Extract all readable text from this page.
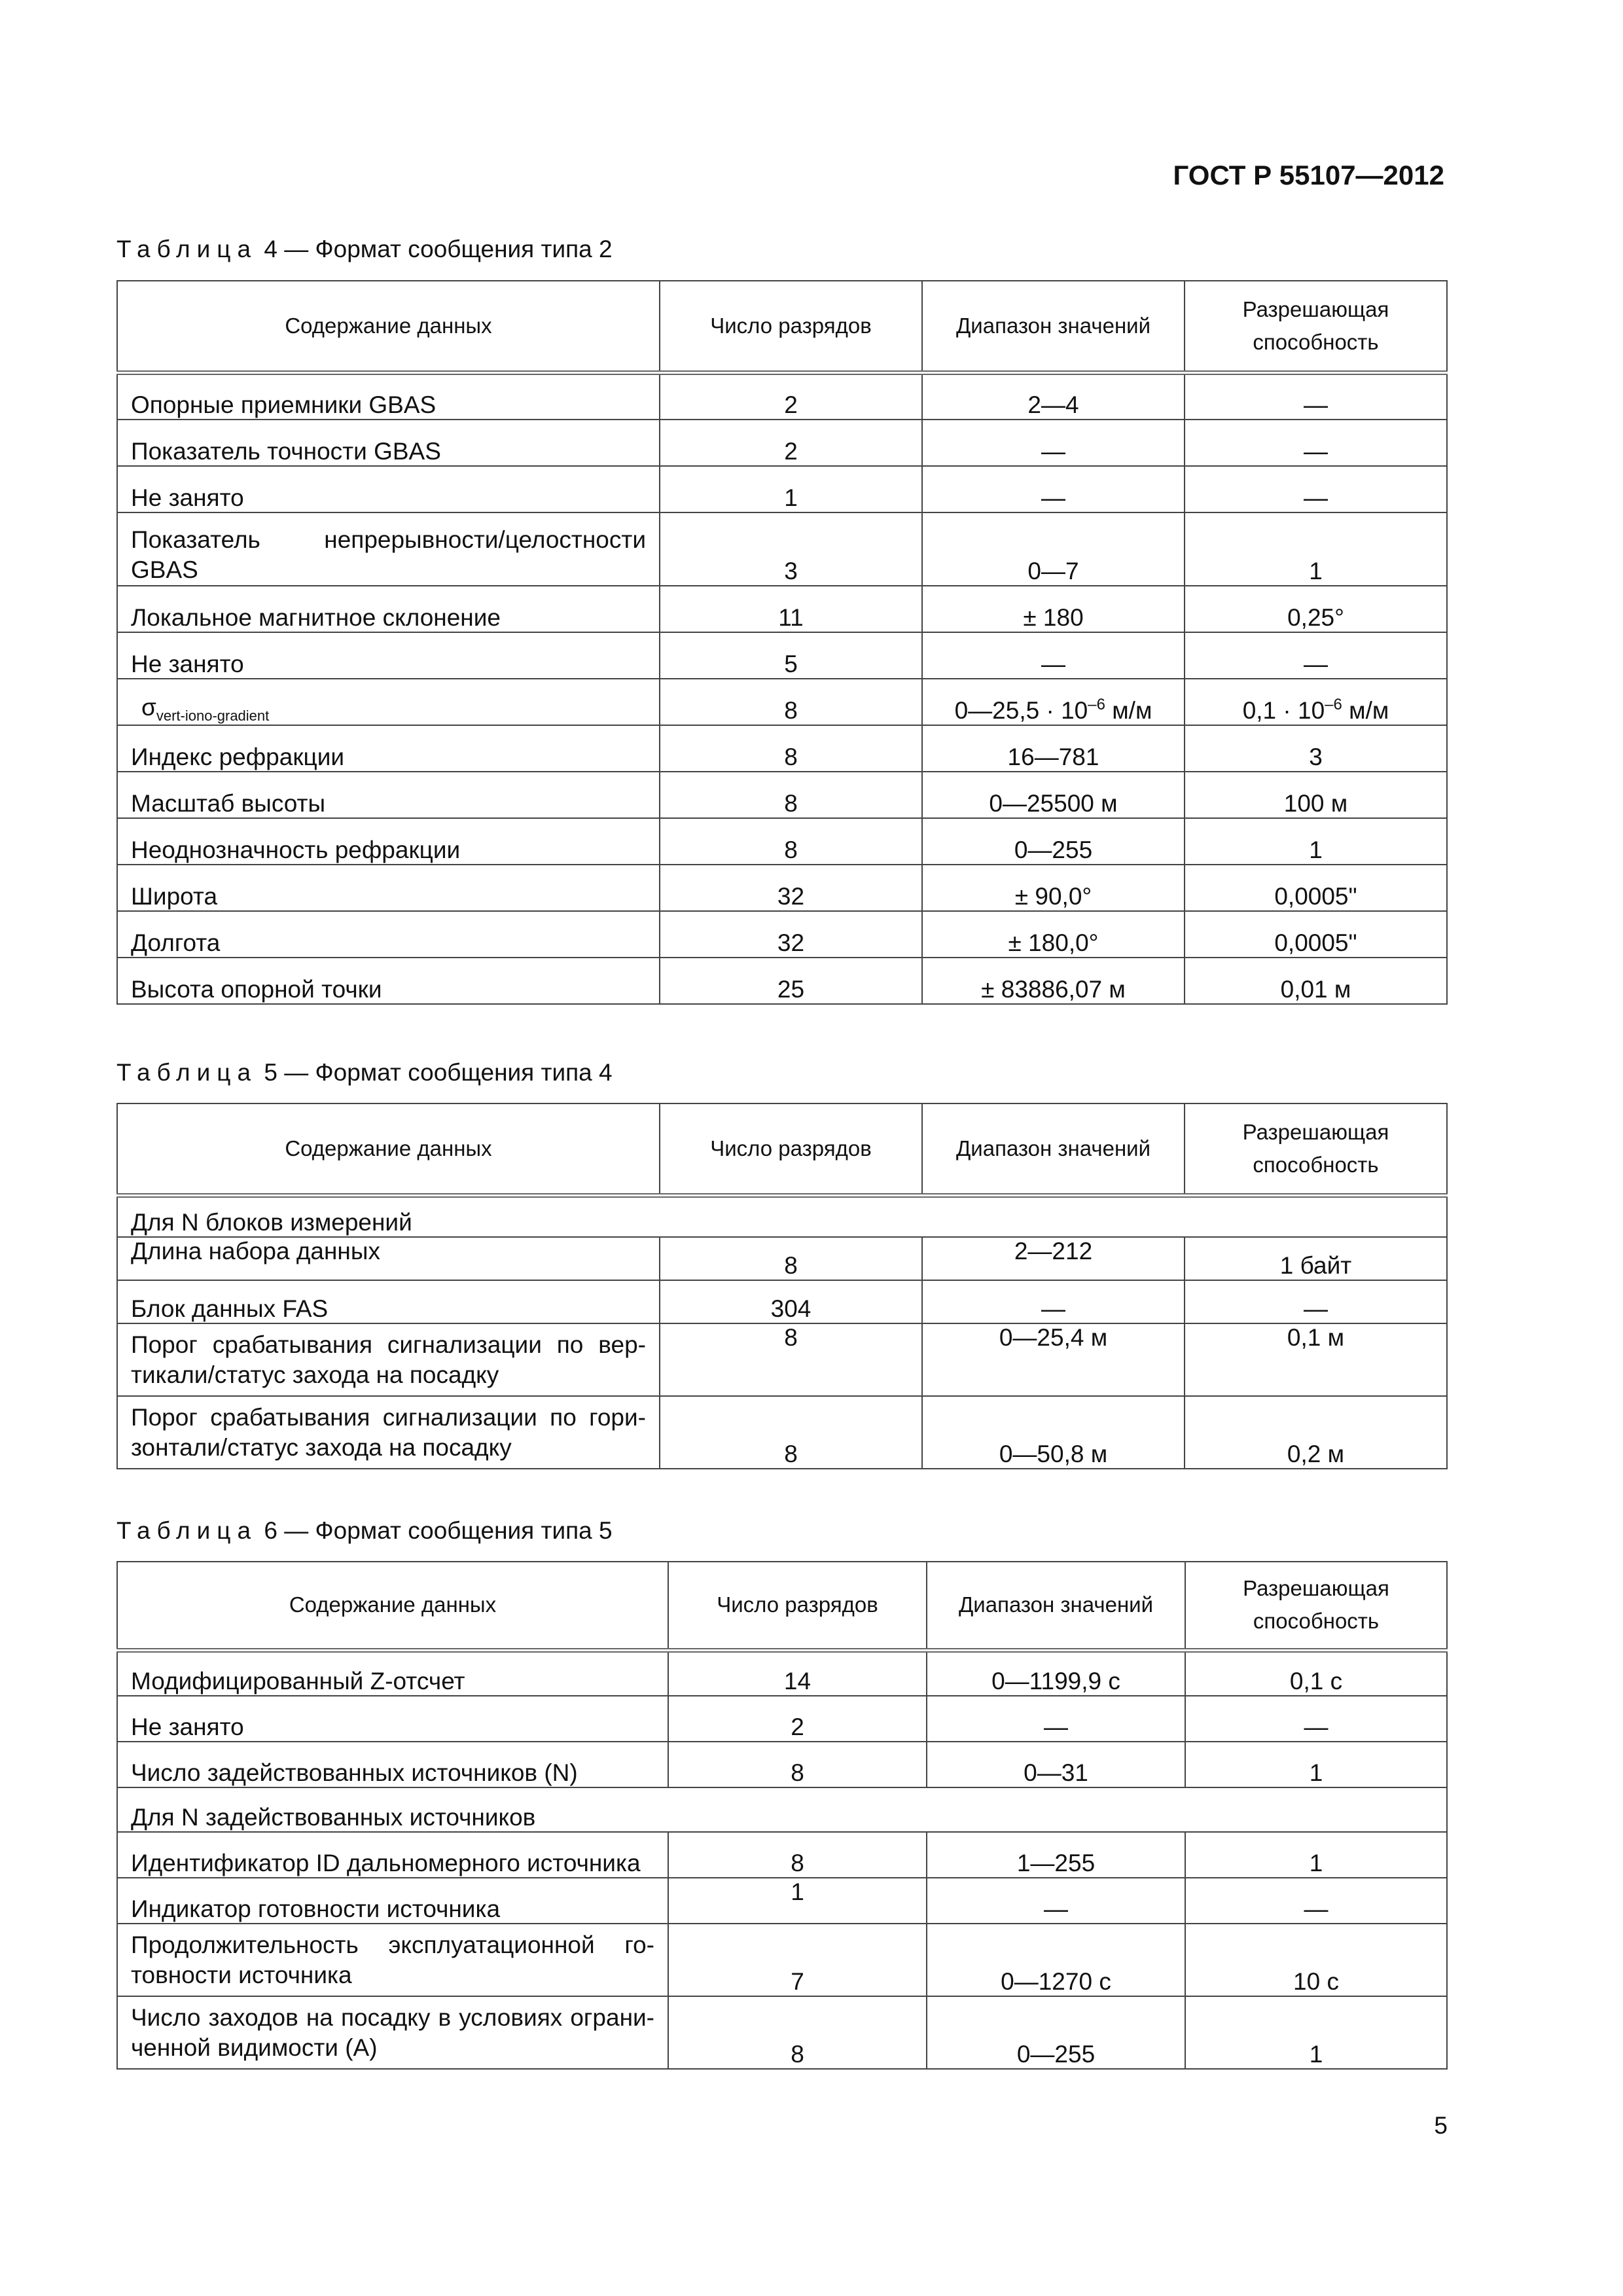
ГОСТ Р 55107—2012
Таблица 4 — Формат сообщения типа 2
Содержание данных	Число разрядов	Диапазон значений	Разрешающая способность
Опорные приемники GBAS	2	2—4	—
Показатель точности GBAS	2	—	—
Не занято	1	—	—

Показатель непрерывности/целостности
GBAS	3	0—7	1
Локальное магнитное склонение	11	± 180	0,25°
Не занято	5	—	—
$\sigma_{vert-iono-gradient}$	8	0—25,5 · $10^{-6}$ м/м	$0,1 \cdot 10^{-6}$ м/м
Индекс рефракции	8	16—781	3
Масштаб высоты	8	0—25500 м	100 м
Неоднозначность рефракции	8	0—255	1
Широта	32	± 90,0°	0,0005"
Долгота	32	± 180,0°	0,0005"
Высота опорной точки	25	± 83886,07 м	0,01 м
Таблица 5 — Формат сообщения типа 4
Содержание данных	Число разрядов	Диапазон значений	Разрешающая способность
Для N блоков измерений			
Длина набора данных	8	2—212	1 байт
Блок данных FAS	304	—	—

Порог срабатывания сигнализации по вер-
тикали/статус захода на посадку	8	0—25,4 м	0,1 м

Порог срабатывания сигнализации по гори-
зонтали/статус захода на посадку	8	0—50,8 м	0,2 м
Таблица 6 — Формат сообщения типа 5
Содержание данных	Число разрядов	Диапазон значений	Разрешающая способность
Модифицированный Z-отсчет	14	0—1199,9 с	0,1 с
Не занято	2	—	—
Число задействованных источников (N)	8	0—31	1
Для N задействованных источников			
Идентификатор ID дальномерного источника	8	1—255	1
Индикатор готовности источника	1	—	—

Продолжительность эксплуатационной го-
товности источника	7	0—1270 с	10 с

Число заходов на посадку в условиях ограни-
ченной видимости (А)	8	0—255	1
5
